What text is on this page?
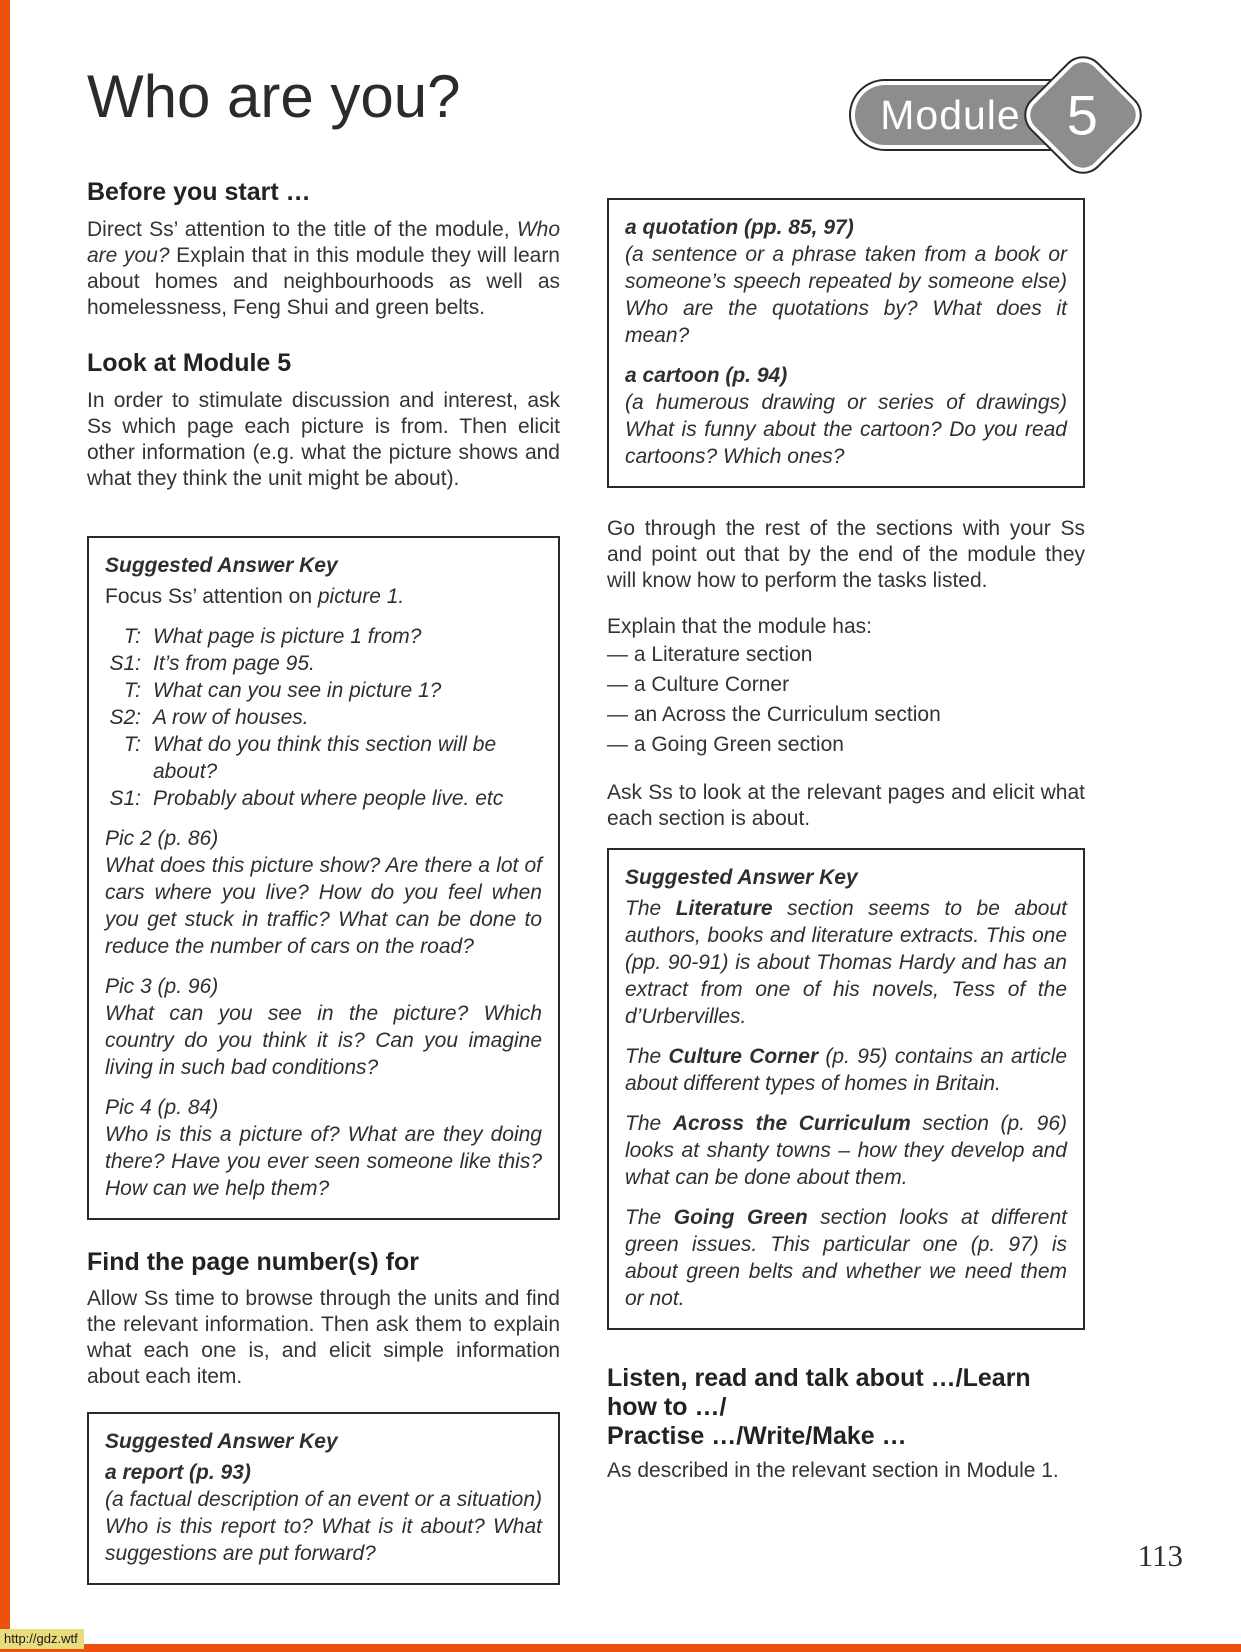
Who are you?	Module 5
Before you start …

Direct Ss’ attention to the title of the module, Who are you? Explain that in this module they will learn about homes and neighbourhoods as well as homelessness, Feng Shui and green belts.

Look at Module 5

In order to stimulate discussion and interest, ask Ss which page each picture is from. Then elicit other information (e.g. what the picture shows and what they think the unit might be about).

Suggested Answer Key

Focus Ss’ attention on picture 1.

T: What page is picture 1 from?
S1: It’s from page 95.
T: What can you see in picture 1?
S2: A row of houses.
T: What do you think this section will be about?
S1: Probably about where people live. etc

Pic 2 (p. 86)

What does this picture show? Are there a lot of cars where you live? How do you feel when you get stuck in traffic? What can be done to reduce the number of cars on the road?

Pic 3 (p. 96)

What can you see in the picture? Which country do you think it is? Can you imagine living in such bad conditions?

Pic 4 (p. 84)

Who is this a picture of? What are they doing there? Have you ever seen someone like this? How can we help them?

Find the page number(s) for

Allow Ss time to browse through the units and find the relevant information. Then ask them to explain what each one is, and elicit simple information about each item.

Suggested Answer Key

a report (p. 93)

(a factual description of an event or a situation) Who is this report to? What is it about? What suggestions are put forward?

a quotation (pp. 85, 97)

(a sentence or a phrase taken from a book or someone’s speech repeated by someone else) Who are the quotations by? What does it mean?

a cartoon (p. 94)

(a humerous drawing or series of drawings) What is funny about the cartoon? Do you read cartoons? Which ones?

Go through the rest of the sections with your Ss and point out that by the end of the module they will know how to perform the tasks listed.

Explain that the module has:

— a Literature section
— a Culture Corner
— an Across the Curriculum section
— a Going Green section

Ask Ss to look at the relevant pages and elicit what each section is about.

Suggested Answer Key

The Literature section seems to be about authors, books and literature extracts. This one (pp. 90-91) is about Thomas Hardy and has an extract from one of his novels, Tess of the d’Urbervilles.

The Culture Corner (p. 95) contains an article about different types of homes in Britain.

The Across the Curriculum section (p. 96) looks at shanty towns – how they develop and what can be done about them.

The Going Green section looks at different green issues. This particular one (p. 97) is about green belts and whether we need them or not.

Listen, read and talk about …/Learn how to …/
Practise …/Write/Make …

As described in the relevant section in Module 1.

113
http://gdz.wtf
